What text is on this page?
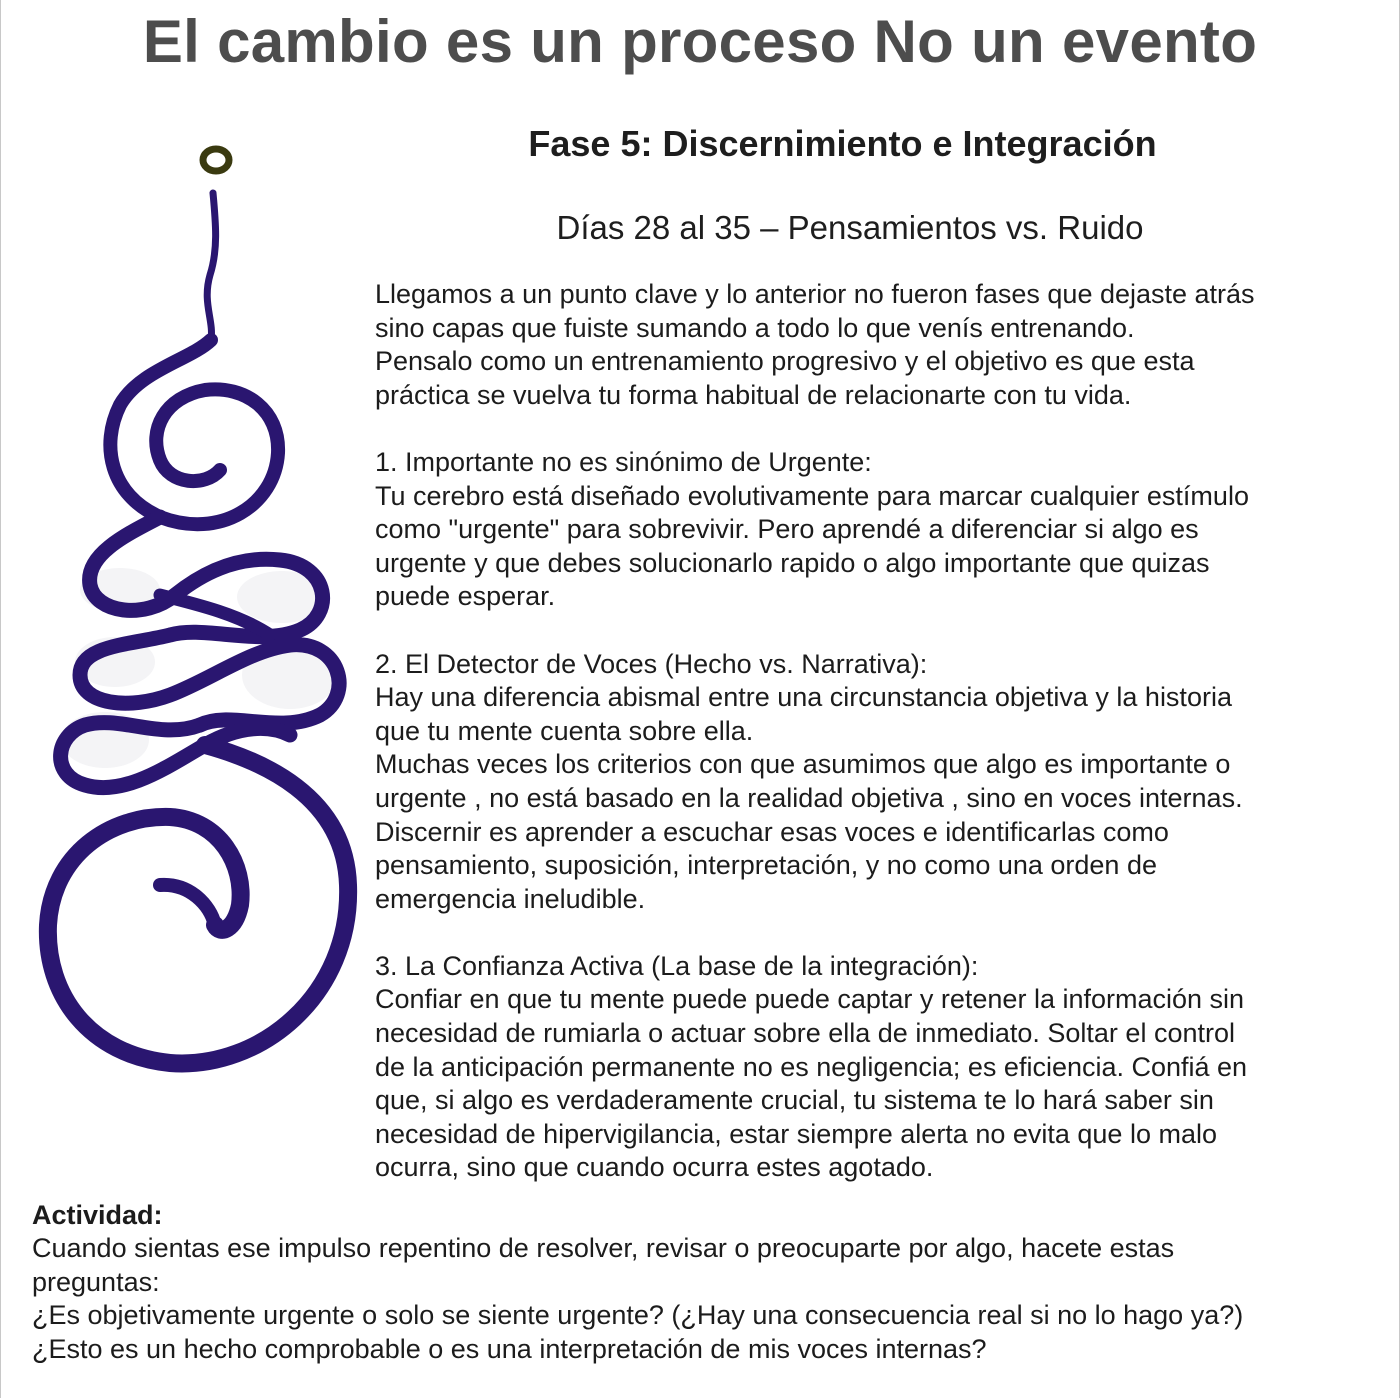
El cambio es un proceso No un evento
Fase 5: Discernimiento e Integración
Días 28 al 35 – Pensamientos vs. Ruido

Llegamos a un punto clave y lo anterior no fueron fases que dejaste atrás

sino capas que fuiste sumando a todo lo que venís entrenando.

Pensalo como un entrenamiento progresivo y el objetivo es que esta

práctica se vuelva tu forma habitual de relacionarte con tu vida.

1. Importante no es sinónimo de Urgente:

Tu cerebro está diseñado evolutivamente para marcar cualquier estímulo

como "urgente" para sobrevivir. Pero aprendé a diferenciar si algo es

urgente y que debes solucionarlo rapido o algo importante que quizas

puede esperar.

2. El Detector de Voces (Hecho vs. Narrativa):

Hay una diferencia abismal entre una circunstancia objetiva y la historia

que tu mente cuenta sobre ella.

Muchas veces los criterios con que asumimos que algo es importante o

urgente , no está basado en la realidad objetiva , sino en voces internas.

Discernir es aprender a escuchar esas voces e identificarlas como

pensamiento, suposición, interpretación, y no como una orden de

emergencia ineludible.

3. La Confianza Activa (La base de la integración):

Confiar en que tu mente puede puede captar y retener la información sin

necesidad de rumiarla o actuar sobre ella de inmediato. Soltar el control

de la anticipación permanente no es negligencia; es eficiencia. Confiá en

que, si algo es verdaderamente crucial, tu sistema te lo hará saber sin

necesidad de hipervigilancia, estar siempre alerta no evita que lo malo

ocurra, sino que cuando ocurra estes agotado.

Actividad:

Cuando sientas ese impulso repentino de resolver, revisar o preocuparte por algo, hacete estas

preguntas:

¿Es objetivamente urgente o solo se siente urgente? (¿Hay una consecuencia real si no lo hago ya?)

¿Esto es un hecho comprobable o es una interpretación de mis voces internas?
